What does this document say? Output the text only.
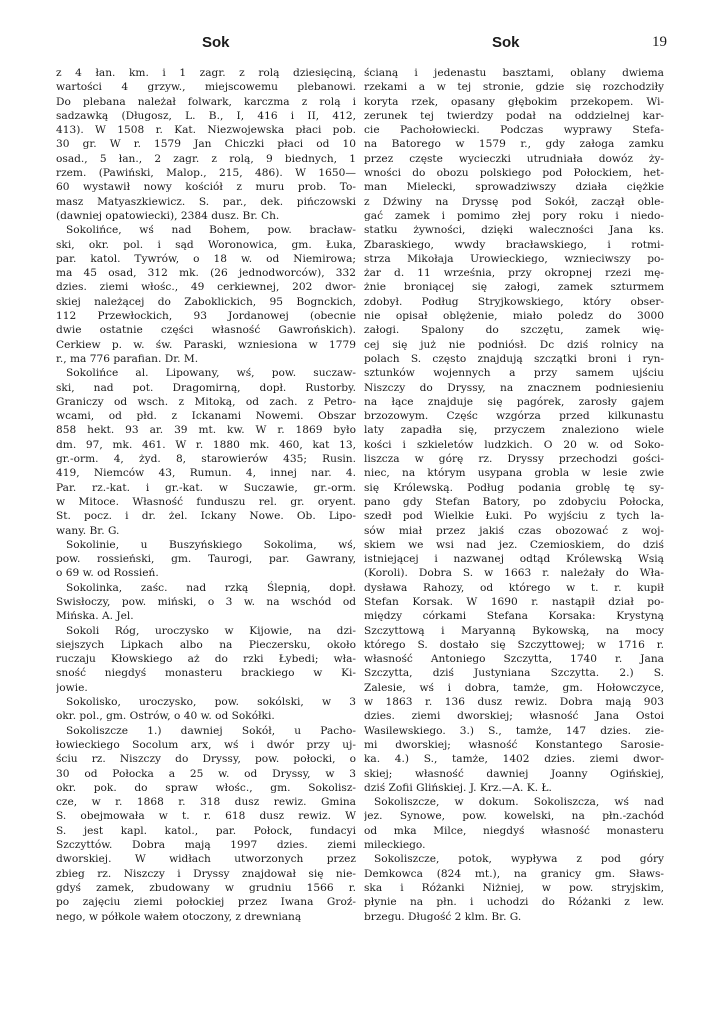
Sok	Sok	19
z 4 łan. km. i 1 zagr. z rolą dziesięciną,
wartości 4 grzyw., miejscowemu plebanowi.
Do plebana należał folwark, karczma z rolą i
sadzawką (Długosz, L. B., I, 416 i II, 412,
413). W 1508 r. Kat. Niezwojewska płaci pob.
30 gr. W r. 1579 Jan Chiczki płaci od 10
osad., 5 łan., 2 zagr. z rolą, 9 biednych, 1
rzem. (Pawiński, Malop., 215, 486). W 1650—
60 wystawił nowy kościół z muru prob. To-
masz Matyaszkiewicz. S. par., dek. pińczowski
(dawniej opatowiecki), 2384 dusz. Br. Ch.
Sokolińce, wś nad Bohem, pow. bracław-
ski, okr. pol. i sąd Woronowica, gm. Łuka,
par. katol. Tywrów, o 18 w. od Niemirowa;
ma 45 osad, 312 mk. (26 jednodworców), 332
dzies. ziemi włośc., 49 cerkiewnej, 202 dwor-
skiej należącej do Zaboklickich, 95 Bognckich,
112 Przewłockich, 93 Jordanowej (obecnie
dwie ostatnie części własność Gawrońskich).
Cerkiew p. w. św. Paraski, wzniesiona w 1779
r., ma 776 parafian. Dr. M.
Sokolińce al. Lipowany, wś, pow. suczaw-
ski, nad pot. Dragomirną, dopł. Rustorby.
Graniczy od wsch. z Mitoką, od zach. z Petro-
wcami, od płd. z Ickanami Nowemi. Obszar
858 hekt. 93 ar. 39 mt. kw. W r. 1869 było
dm. 97, mk. 461. W r. 1880 mk. 460, kat 13,
gr.-orm. 4, żyd. 8, starowierów 435; Rusin.
419, Niemców 43, Rumun. 4, innej nar. 4.
Par. rz.-kat. i gr.-kat. w Suczawie, gr.-orm.
w Mitoce. Własność funduszu rel. gr. oryent.
St. pocz. i dr. żel. Ickany Nowe. Ob. Lipo-
wany. Br. G.
Sokolinie, u Buszyńskiego Sokolima, wś,
pow. rossieński, gm. Taurogi, par. Gawrany,
o 69 w. od Rossień.
Sokolinka, zaśc. nad rzką Ślepnią, dopł.
Swisłoczy, pow. miński, o 3 w. na wschód od
Mińska. A. Jel.
Sokoli Róg, uroczysko w Kijowie, na dzi-
siejszych Lipkach albo na Pieczersku, około
ruczaju Kłowskiego aż do rzki Łybedi; wła-
sność niegdyś monasteru brackiego w Ki-
jowie.
Sokolisko, uroczysko, pow. sokólski, w 3
okr. pol., gm. Ostrów, o 40 w. od Sokółki.
Sokoliszcze 1.) dawniej Sokół, u Pacho-
łowieckiego Socolum arx, wś i dwór przy uj-
ściu rz. Niszczy do Dryssy, pow. połocki, o
30 od Połocka a 25 w. od Dryssy, w 3
okr. pok. do spraw włośc., gm. Sokolisz-
cze, w r. 1868 r. 318 dusz rewiz. Gmina
S. obejmowała w t. r. 618 dusz rewiz. W
S. jest kapl. katol., par. Połock, fundacyi
Szczyttów. Dobra mają 1997 dzies. ziemi
dworskiej. W widłach utworzonych przez
zbieg rz. Niszczy i Dryssy znajdował się nie-
gdyś zamek, zbudowany w grudniu 1566 r.
po zajęciu ziemi połockiej przez Iwana Groź-
nego, w półkole wałem otoczony, z drewnianą
ścianą i jedenastu basztami, oblany dwiema
rzekami a w tej stronie, gdzie się rozchodziły
koryta rzek, opasany głębokim przekopem. Wi-
zerunek tej twierdzy podał na oddzielnej kar-
cie Pachołowiecki. Podczas wyprawy Stefa-
na Batorego w 1579 r., gdy załoga zamku
przez częste wycieczki utrudniała dowóz ży-
wności do obozu polskiego pod Połockiem, het-
man Mielecki, sprowadziwszy działa ciężkie
z Dźwiny na Dryssę pod Sokół, zaczął oble-
gać zamek i pomimo złej pory roku i niedo-
statku żywności, dzięki waleczności Jana ks.
Zbaraskiego, wwdy bracławskiego, i rotmi-
strza Mikołaja Urowieckiego, wznieciwszy po-
żar d. 11 września, przy okropnej rzezi mę-
żnie broniącej się załogi, zamek szturmem
zdobył. Podług Stryjkowskiego, który obser-
nie opisał oblężenie, miało poledz do 3000
załogi. Spalony do szczętu, zamek wię-
cej się już nie podniósł. Dc dziś rolnicy na
polach S. często znajdują szczątki broni i ryn-
sztunków wojennych a przy samem ujściu
Niszczy do Dryssy, na znacznem podniesieniu
na łące znajduje się pagórek, zarosły gajem
brzozowym. Częśc wzgórza przed kilkunastu
laty zapadła się, przyczem znaleziono wiele
kości i szkieletów ludzkich. O 20 w. od Soko-
liszcza w górę rz. Dryssy przechodzi gości-
niec, na którym usypana grobla w lesie zwie
się Królewską. Podług podania groblę tę sy-
pano gdy Stefan Batory, po zdobyciu Połocka,
szedł pod Wielkie Łuki. Po wyjściu z tych la-
sów miał przez jakiś czas obozować z woj-
skiem we wsi nad jez. Czemioskiem, do dziś
istniejącej i nazwanej odtąd Królewską Wsią
(Koroli). Dobra S. w 1663 r. należały do Wła-
dysława Rahozy, od którego w t. r. kupił
Stefan Korsak. W 1690 r. nastąpił dział po-
między córkami Stefana Korsaka: Krystyną
Szczyttową i Maryanną Bykowską, na mocy
którego S. dostało się Szczyttowej; w 1716 r.
własność Antoniego Szczytta, 1740 r. Jana
Szczytta, dziś Justyniana Szczytta. 2.) S.
Zalesie, wś i dobra, tamże, gm. Hołowczyce,
w 1863 r. 136 dusz rewiz. Dobra mają 903
dzies. ziemi dworskiej; własność Jana Ostoi
Wasilewskiego. 3.) S., tamże, 147 dzies. zie-
mi dworskiej; własność Konstantego Sarosie-
ka. 4.) S., tamże, 1402 dzies. ziemi dwor-
skiej; własność dawniej Joanny Ogińskiej,
dziś Zofii Glińskiej. J. Krz.—A. K. Ł.
Sokoliszcze, w dokum. Sokoliszcza, wś nad
jez. Synowe, pow. kowelski, na płn.-zachód
od mka Milce, niegdyś własność monasteru
mileckiego.
Sokoliszcze, potok, wypływa z pod góry
Demkowca (824 mt.), na granicy gm. Sławs-
ska i Różanki Niżniej, w pow. stryjskim,
płynie na płn. i uchodzi do Różanki z lew.
brzegu. Długość 2 klm. Br. G.
